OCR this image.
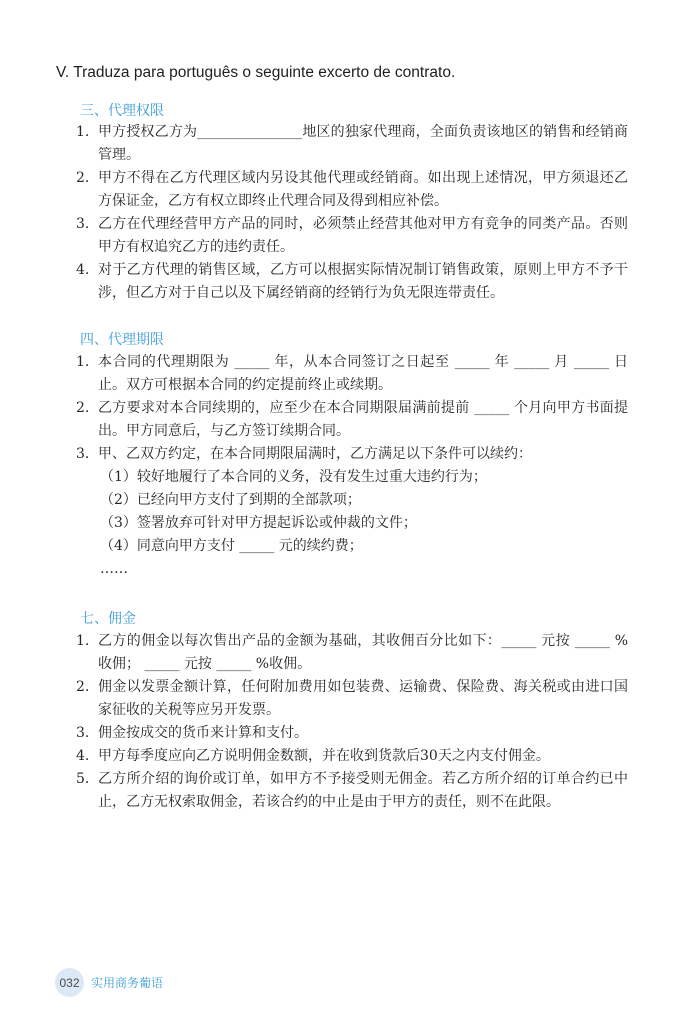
V. Traduza para português o seguinte excerto de contrato.

三、代理权限

1. 甲方授权乙方为_______________地区的独家代理商，全面负责该地区的销售和经销商管理。
2. 甲方不得在乙方代理区域内另设其他代理或经销商。如出现上述情况，甲方须退还乙方保证金，乙方有权立即终止代理合同及得到相应补偿。
3. 乙方在代理经营甲方产品的同时，必须禁止经营其他对甲方有竞争的同类产品。否则甲方有权追究乙方的违约责任。
4. 对于乙方代理的销售区域，乙方可以根据实际情况制订销售政策，原则上甲方不予干涉，但乙方对于自己以及下属经销商的经销行为负无限连带责任。

四、代理期限

1. 本合同的代理期限为 _____ 年，从本合同签订之日起至 _____ 年 _____ 月 _____ 日止。双方可根据本合同的约定提前终止或续期。
2. 乙方要求对本合同续期的，应至少在本合同期限届满前提前 _____ 个月向甲方书面提出。甲方同意后，与乙方签订续期合同。
3. 甲、乙双方约定，在本合同期限届满时，乙方满足以下条件可以续约：

（1）较好地履行了本合同的义务，没有发生过重大违约行为；

（2）已经向甲方支付了到期的全部款项；

（3）签署放弃可针对甲方提起诉讼或仲裁的文件；

（4）同意向甲方支付 _____ 元的续约费；

……

七、佣金

1. 乙方的佣金以每次售出产品的金额为基础，其收佣百分比如下：_____ 元按 _____ %收佣； _____ 元按 _____ %收佣。
2. 佣金以发票金额计算，任何附加费用如包装费、运输费、保险费、海关税或由进口国家征收的关税等应另开发票。
3. 佣金按成交的货币来计算和支付。
4. 甲方每季度应向乙方说明佣金数额，并在收到货款后30天之内支付佣金。
5. 乙方所介绍的询价或订单，如甲方不予接受则无佣金。若乙方所介绍的订单合约已中止，乙方无权索取佣金，若该合约的中止是由于甲方的责任，则不在此限。
032 实用商务葡语
